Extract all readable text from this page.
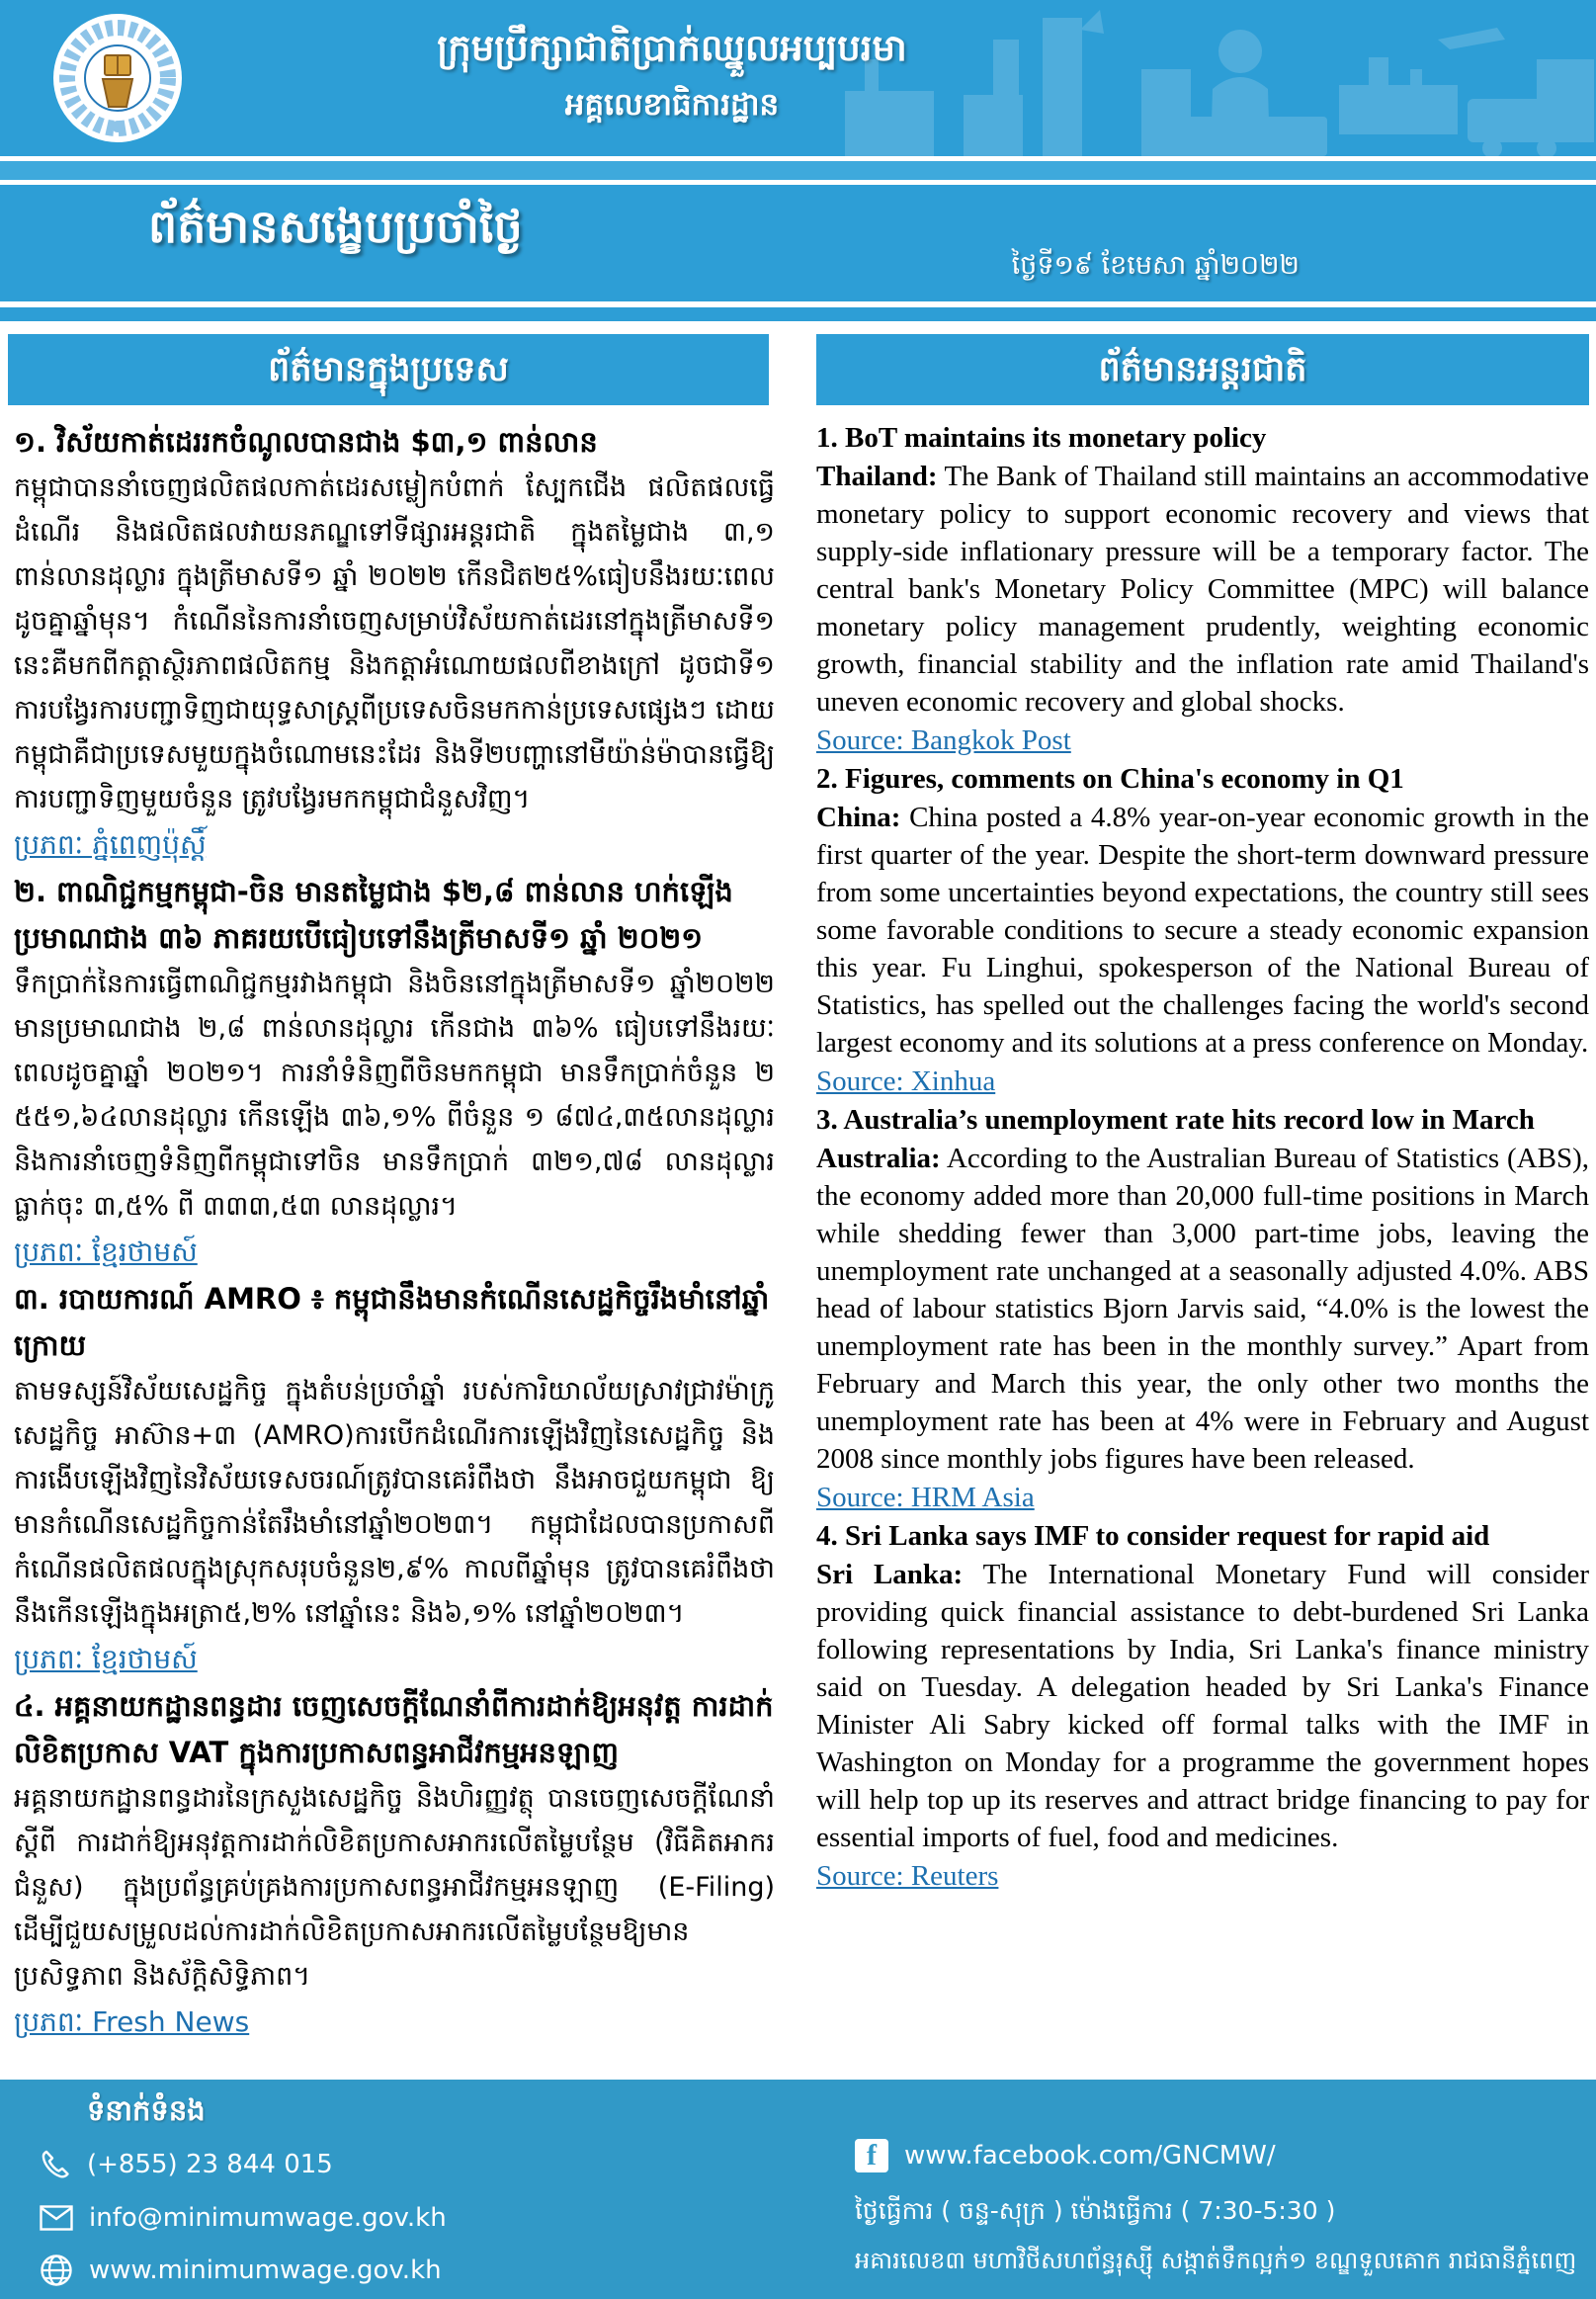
ក្រុមប្រឹក្សាជាតិប្រាក់ឈ្នួលអប្បបរមា
អគ្គលេខាធិការដ្ឋាន
ព័ត៌មានសង្ខេបប្រចាំថ្ងៃ
ថ្ងៃទី១៩ ខែមេសា ឆ្នាំ២០២២
ព័ត៌មានក្នុងប្រទេស	ព័ត៌មានអន្តរជាតិ
១. វិស័យកាត់ដេររកចំណូលបានជាង $៣,១ ពាន់លាន

កម្ពុជាបាននាំចេញផលិតផលកាត់ដេរសម្លៀកបំពាក់ ស្បែកជើង ផលិតផលធ្វើដំណើរ និងផលិតផលវាយនភណ្ឌទៅទីផ្សារអន្តរជាតិ ក្នុងតម្លៃជាង ៣,១ ពាន់លានដុល្លារ ក្នុងត្រីមាសទី១ ឆ្នាំ ២០២២ កើនជិត២៥%ធៀបនឹងរយៈពេលដូចគ្នាឆ្នាំមុន។ កំណើននៃការនាំចេញសម្រាប់វិស័យកាត់ដេរនៅក្នុងត្រីមាសទី១ នេះគឺមកពីកត្តាស្ថិរភាពផលិតកម្ម និងកត្តាអំណោយផលពីខាងក្រៅ ដូចជាទី១ ការបង្វែរការបញ្ជាទិញជាយុទ្ធសាស្ត្រពីប្រទេសចិនមកកាន់ប្រទេសផ្សេងៗ ដោយកម្ពុជាគឺជាប្រទេសមួយក្នុងចំណោមនេះដែរ និងទី២បញ្ហានៅមីយ៉ាន់ម៉ាបានធ្វើឱ្យការបញ្ជាទិញមួយចំនួន ត្រូវបង្វែរមកកម្ពុជាជំនួសវិញ។

ប្រភពៈ ភ្នំពេញប៉ុស្តិ៍
២. ពាណិជ្ជកម្មកម្ពុជា-ចិន មានតម្លៃជាង $២,៨ ពាន់លាន ហក់ឡើង ប្រមាណជាង ៣៦ ភាគរយបើធៀបទៅនឹងត្រីមាសទី១ ឆ្នាំ ២០២១

ទឹកប្រាក់នៃការធ្វើពាណិជ្ជកម្មរវាងកម្ពុជា និងចិននៅក្នុងត្រីមាសទី១ ឆ្នាំ២០២២ មានប្រមាណជាង ២,៨ ពាន់លានដុល្លារ កើនជាង ៣៦% ធៀបទៅនឹងរយៈពេលដូចគ្នាឆ្នាំ ២០២១។ ការនាំទំនិញពីចិនមកកម្ពុជា មានទឹកប្រាក់ចំនួន ២ ៥៥១,៦៤លានដុល្លារ កើនឡើង ៣៦,១% ពីចំនួន ១ ៨៧៤,៣៥លានដុល្លារ និងការនាំចេញទំនិញពីកម្ពុជាទៅចិន មានទឹកប្រាក់ ៣២១,៧៨ លានដុល្លារ ធ្លាក់ចុះ ៣,៥% ពី ៣៣៣,៥៣ លានដុល្លារ។

ប្រភពៈ ខ្មែរថាមស៍
៣. របាយការណ៍ AMRO ៖ កម្ពុជានឹងមានកំណើនសេដ្ឋកិច្ចរឹងមាំនៅឆ្នាំក្រោយ

តាមទស្សន៍វិស័យសេដ្ឋកិច្ច ក្នុងតំបន់ប្រចាំឆ្នាំ របស់ការិយាល័យស្រាវជ្រាវម៉ាក្រូសេដ្ឋកិច្ច អាស៊ាន+៣ (AMRO)ការបើកដំណើរការឡើងវិញនៃសេដ្ឋកិច្ច និងការងើបឡើងវិញនៃវិស័យទេសចរណ៍ត្រូវបានគេរំពឹងថា នឹងអាចជួយកម្ពុជា ឱ្យមានកំណើនសេដ្ឋកិច្ចកាន់តែរឹងមាំនៅឆ្នាំ២០២៣។ កម្ពុជាដែលបានប្រកាសពីកំណើនផលិតផលក្នុងស្រុកសរុបចំនួន២,៩% កាលពីឆ្នាំមុន ត្រូវបានគេរំពឹងថានឹងកើនឡើងក្នុងអត្រា៥,២% នៅឆ្នាំនេះ និង៦,១% នៅឆ្នាំ២០២៣។

ប្រភពៈ ខ្មែរថាមស៍
៤. អគ្គនាយកដ្ឋានពន្ធដារ ចេញសេចក្តីណែនាំពីការដាក់ឱ្យអនុវត្ត ការដាក់លិខិតប្រកាស VAT ក្នុងការប្រកាសពន្ធអាជីវកម្មអនឡាញ

អគ្គនាយកដ្ឋានពន្ធដារនៃក្រសួងសេដ្ឋកិច្ច និងហិរញ្ញវត្ថុ បានចេញសេចក្តីណែនាំ ស្តីពី ការដាក់ឱ្យអនុវត្តការដាក់លិខិតប្រកាសអាករលើតម្លៃបន្ថែម (វិធីគិតអាករជំនួស) ក្នុងប្រព័ន្ធគ្រប់គ្រងការប្រកាសពន្ធអាជីវកម្មអនឡាញ (E-Filing) ដើម្បីជួយសម្រួលដល់ការដាក់លិខិតប្រកាសអាករលើតម្លៃបន្ថែមឱ្យមានប្រសិទ្ធភាព និងស័ក្តិសិទ្ធិភាព។

ប្រភពៈ Fresh News
1. BoT maintains its monetary policy

Thailand: The Bank of Thailand still maintains an accommodative monetary policy to support economic recovery and views that supply-side inflationary pressure will be a temporary factor. The central bank's Monetary Policy Committee (MPC) will balance monetary policy management prudently, weighting economic growth, financial stability and the inflation rate amid Thailand's uneven economic recovery and global shocks.

Source: Bangkok Post
2. Figures, comments on China's economy in Q1

China: China posted a 4.8% year-on-year economic growth in the first quarter of the year. Despite the short-term downward pressure from some uncertainties beyond expectations, the country still sees some favorable conditions to secure a steady economic expansion this year. Fu Linghui, spokesperson of the National Bureau of Statistics, has spelled out the challenges facing the world's second largest economy and its solutions at a press conference on Monday.

Source: Xinhua
3. Australia’s unemployment rate hits record low in March

Australia: According to the Australian Bureau of Statistics (ABS), the economy added more than 20,000 full-time positions in March while shedding fewer than 3,000 part-time jobs, leaving the unemployment rate unchanged at a seasonally adjusted 4.0%. ABS head of labour statistics Bjorn Jarvis said, “4.0% is the lowest the unemployment rate has been in the monthly survey.” Apart from February and March this year, the only other two months the unemployment rate has been at 4% were in February and August 2008 since monthly jobs figures have been released.

Source: HRM Asia
4. Sri Lanka says IMF to consider request for rapid aid

Sri Lanka: The International Monetary Fund will consider providing quick financial assistance to debt-burdened Sri Lanka following representations by India, Sri Lanka's finance ministry said on Tuesday. A delegation headed by Sri Lanka's Finance Minister Ali Sabry kicked off formal talks with the IMF in Washington on Monday for a programme the government hopes will help top up its reserves and attract bridge financing to pay for essential imports of fuel, food and medicines.

Source: Reuters
ទំនាក់ទំនង
(+855) 23 844 015
info@minimumwage.gov.kh
www.minimumwage.gov.kh
f	www.facebook.com/GNCMW/
ថ្ងៃធ្វើការ ( ចន្ទ-សុក្រ ) ម៉ោងធ្វើការ ( 7:30-5:30 )
អគារលេខ៣ មហាវិថីសហព័ន្ធរុស្ស៊ី សង្កាត់ទឹកល្អក់១ ខណ្ឌទួលគោក រាជធានីភ្នំពេញ
